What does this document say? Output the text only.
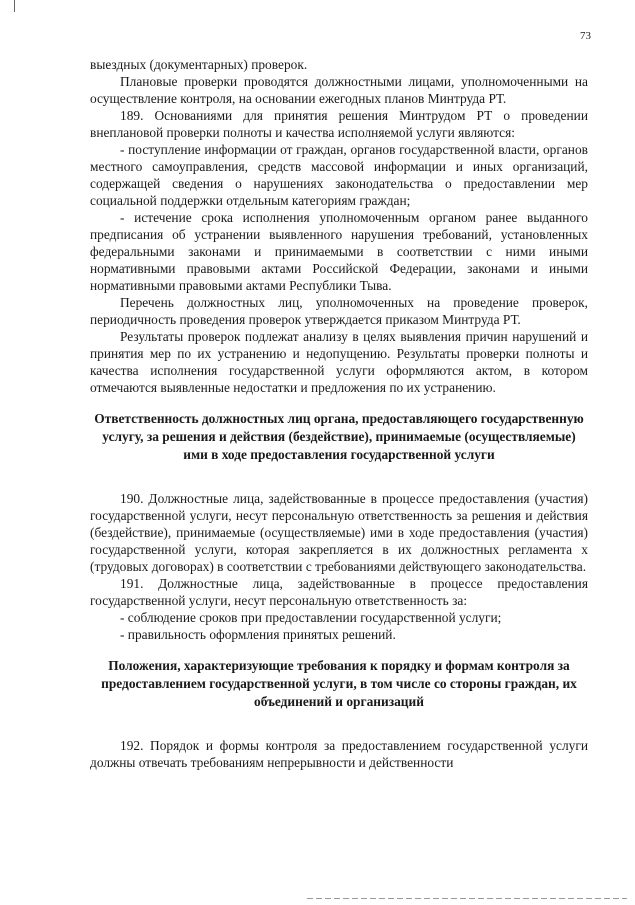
73

выездных (документарных) проверок.

Плановые проверки проводятся должностными лицами, уполномоченными на осуществление контроля, на основании ежегодных планов Минтруда РТ.

189. Основаниями для принятия решения Минтрудом РТ о проведении внеплановой проверки полноты и качества исполняемой услуги являются:

- поступление информации от граждан, органов государственной власти, органов местного самоуправления, средств массовой информации и иных организаций, содержащей сведения о нарушениях законодательства о предоставлении мер социальной поддержки отдельным категориям граждан;

- истечение срока исполнения уполномоченным органом ранее выданного предписания об устранении выявленного нарушения требований, установленных федеральными законами и принимаемыми в соответствии с ними иными нормативными правовыми актами Российской Федерации, законами и иными нормативными правовыми актами Республики Тыва.

Перечень должностных лиц, уполномоченных на проведение проверок, периодичность проведения проверок утверждается приказом Минтруда РТ.

Результаты проверок подлежат анализу в целях выявления причин нарушений и принятия мер по их устранению и недопущению. Результаты проверки полноты и качества исполнения государственной услуги оформляются актом, в котором отмечаются выявленные недостатки и предложения по их устранению.

Ответственность должностных лиц органа, предоставляющего государственную услугу, за решения и действия (бездействие), принимаемые (осуществляемые) ими в ходе предоставления государственной услуги

190. Должностные лица, задействованные в процессе предоставления (участия) государственной услуги, несут персональную ответственность за решения и действия (бездействие), принимаемые (осуществляемые) ими в ходе предоставления (участия) государственной услуги, которая закрепляется в их должностных регламента х (трудовых договорах) в соответствии с требованиями действующего законодательства.

191. Должностные лица, задействованные в процессе предоставления государственной услуги, несут персональную ответственность за:

- соблюдение сроков при предоставлении государственной услуги;

- правильность оформления принятых решений.

Положения, характеризующие требования к порядку и формам контроля за предоставлением государственной услуги, в том числе со стороны граждан, их объединений и организаций

192. Порядок и формы контроля за предоставлением государственной услуги должны отвечать требованиям непрерывности и действенности
